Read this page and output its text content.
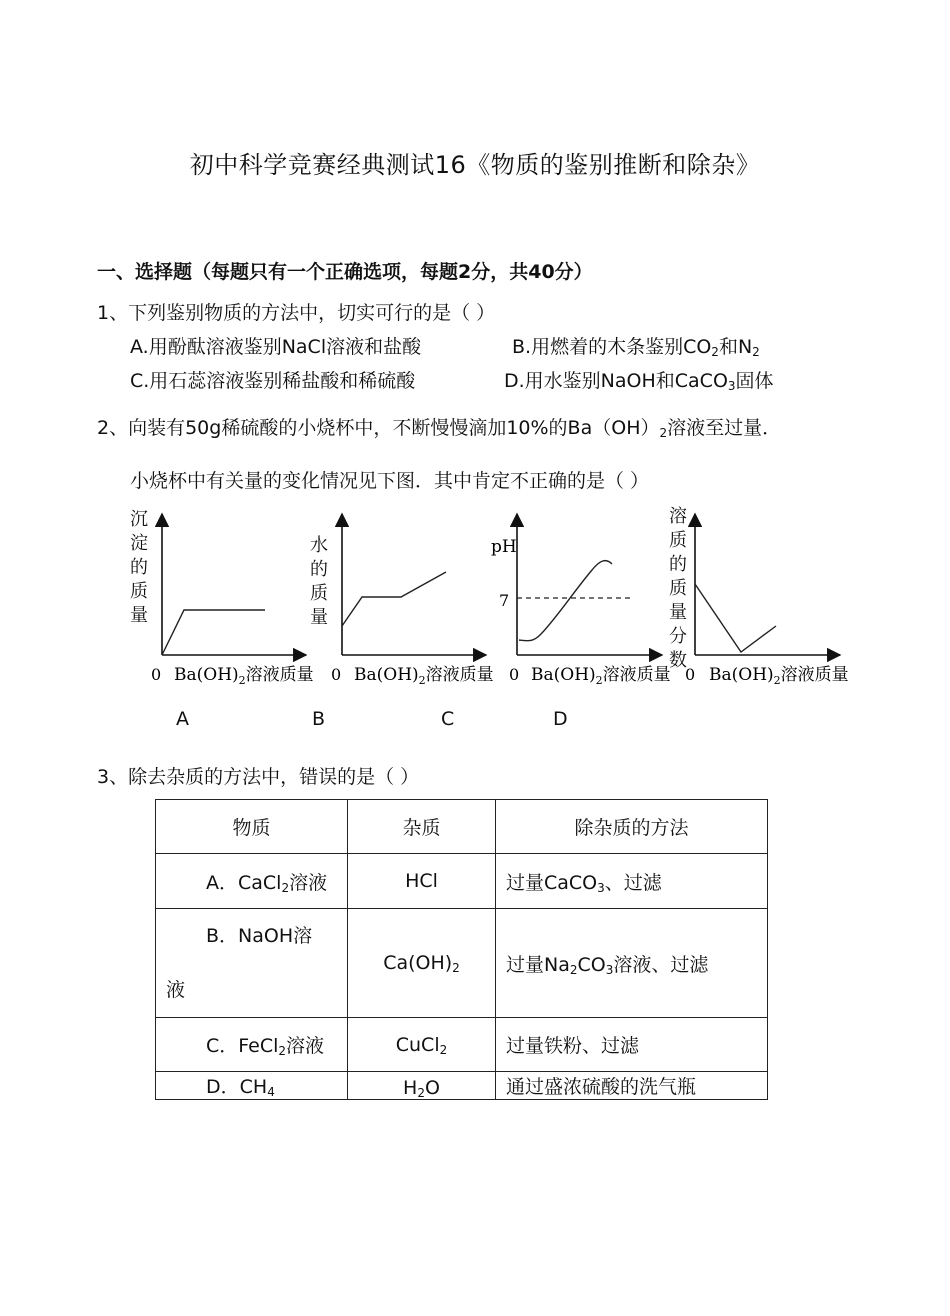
初中科学竞赛经典测试16《物质的鉴别推断和除杂》
一、选择题（每题只有一个正确选项，每题2分，共40分）
1、下列鉴别物质的方法中，切实可行的是（ ）
A.用酚酞溶液鉴别NaCl溶液和盐酸	B.用燃着的木条鉴别$CO_2$和$N_2$
C.用石蕊溶液鉴别稀盐酸和稀硫酸	D.用水鉴别NaOH和CaCO$_3$固体
2、向装有50g稀硫酸的小烧杯中，不断慢慢滴加10%的$Ba(OH)_2$溶液至过量．
小烧杯中有关量的变化情况见下图．其中肯定不正确的是（ ）
沉淀的质量
水的质量
溶质的质量分数
0 $Ba(OH)_2$溶液质量 0 $Ba(OH)_2$溶液质量
pH
7
0 $Ba(OH)_2$溶液质量 0 $Ba(OH)_2$溶液质量
A	B	C	D
3、除去杂质的方法中，错误的是（ ）
物质	杂质	除杂质的方法
A．CaCl$_2$溶液	HCl	过量CaCO$_3$、过滤

B．NaOH溶
液	$Ca(OH)_2$	过量$Na_2CO_3$溶液、过滤
C．FeCl$_2$溶液	CuCl$_2$	过量铁粉、过滤
D．$CH_4$	$H_2O$	通过盛浓硫酸的洗气瓶
